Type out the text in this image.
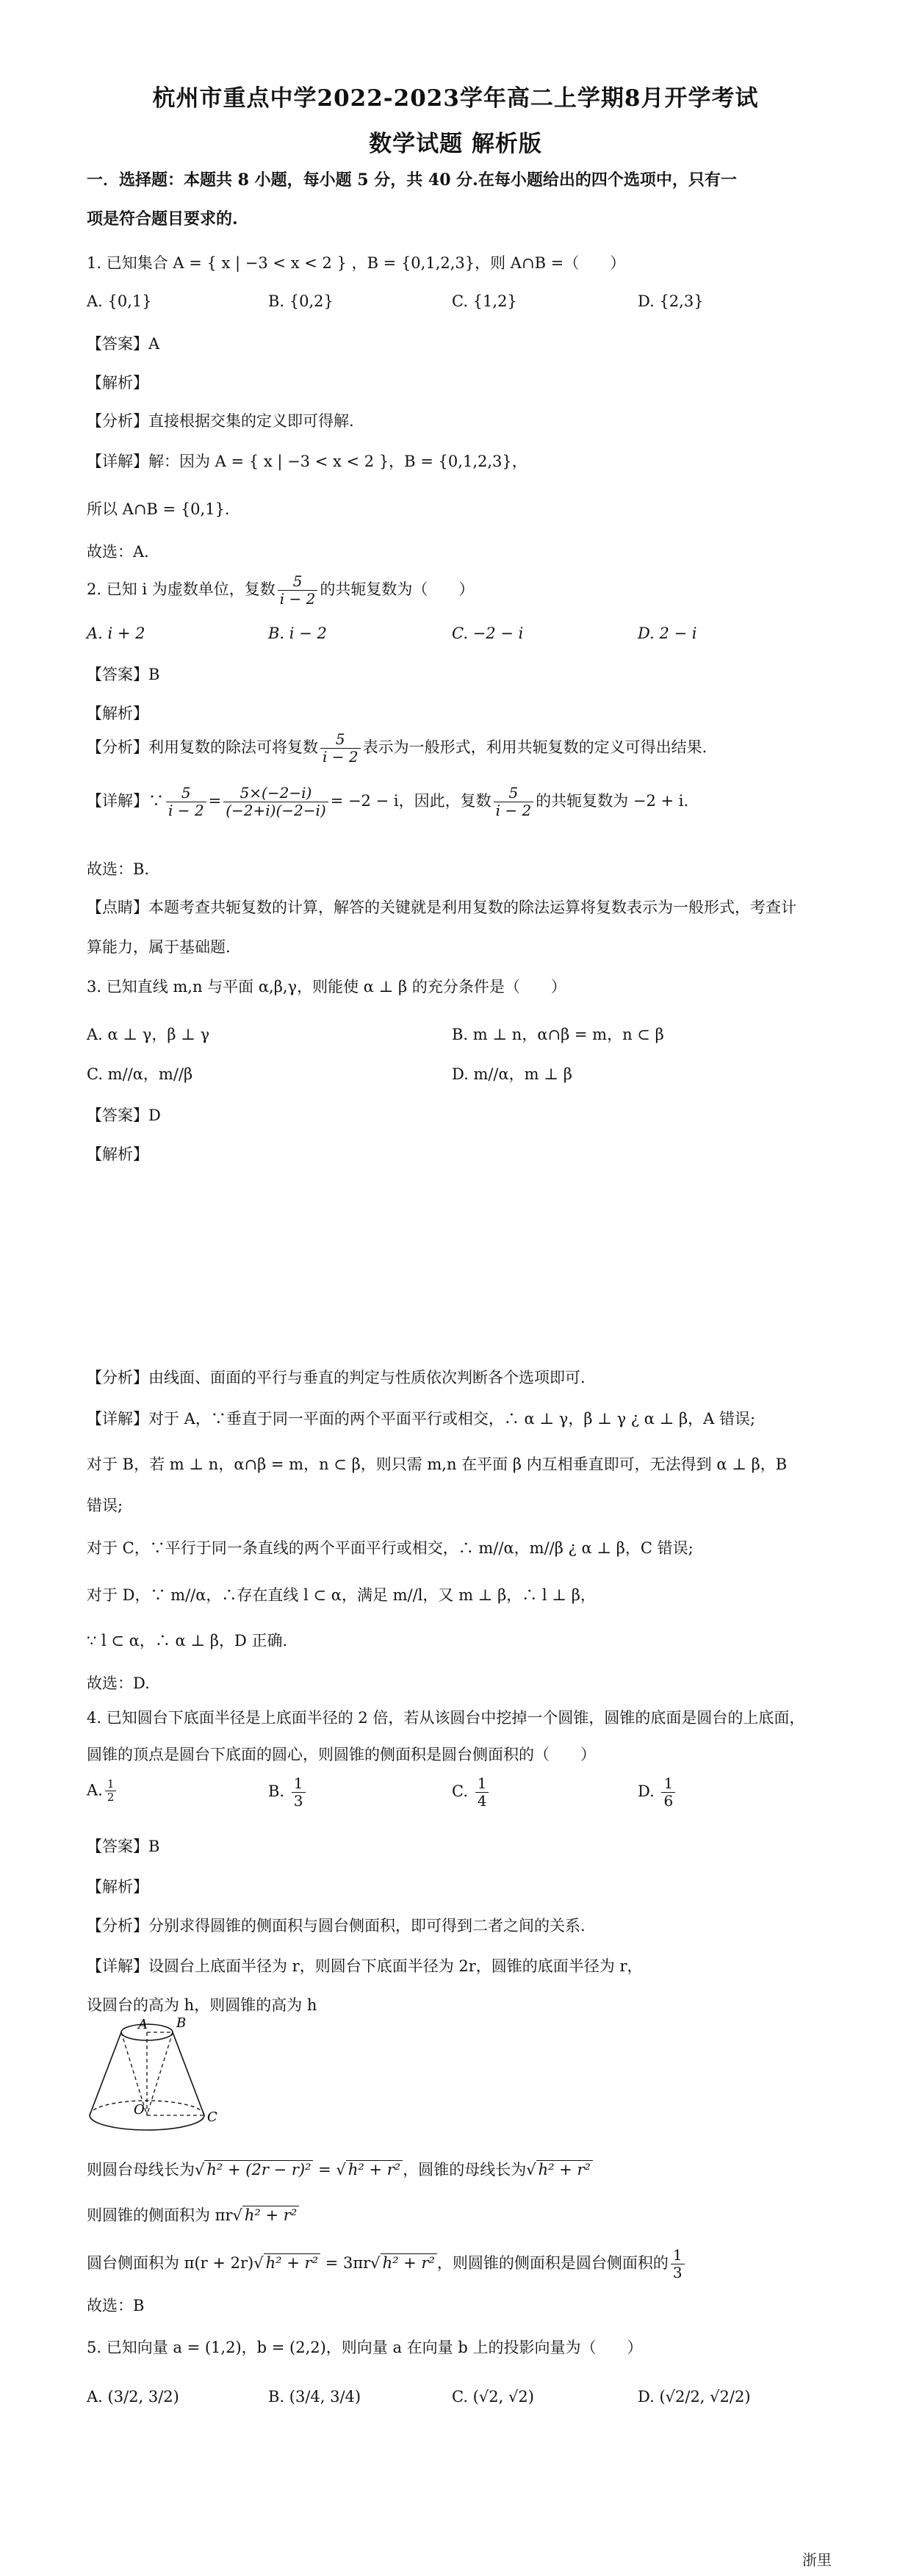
杭州市重点中学2022-2023学年高二上学期8月开学考试
数学试题 解析版
一．选择题：本题共 8 小题，每小题 5 分，共 40 分.在每小题给出的四个选项中，只有一
项是符合题目要求的.
1. 已知集合 A = { x | −3 < x < 2 } ，B = {0,1,2,3}，则 A∩B =（　　）
A. {0,1}	B. {0,2}	C. {1,2}	D. {2,3}
【答案】A
【解析】
【分析】直接根据交集的定义即可得解.
【详解】解：因为 A = { x | −3 < x < 2 }，B = {0,1,2,3}，
所以 A∩B = {0,1}.
故选：A.
2. 已知 i 为虚数单位，复数 $\frac{5}{i - 2}$ 的共轭复数为（　　）
A. i + 2	B. i − 2	C. −2 − i	D. 2 − i
【答案】B
【解析】
【分析】利用复数的除法可将复数 $\frac{5}{i - 2}$ 表示为一般形式，利用共轭复数的定义可得出结果.
【详解】∵ $\frac{5}{i - 2} = \frac{5\times(-2-i)}{(-2+i)(-2-i)} = -2 - i$，因此，复数 $\frac{5}{i - 2}$ 的共轭复数为 −2 + i.
故选：B.
【点睛】本题考查共轭复数的计算，解答的关键就是利用复数的除法运算将复数表示为一般形式，考查计
算能力，属于基础题.
3. 已知直线 m,n 与平面 α,β,γ，则能使 α ⊥ β 的充分条件是（　　）
A. α ⊥ γ，β ⊥ γ	B. m ⊥ n，α∩β = m，n ⊂ β
C. m//α，m//β	D. m//α，m ⊥ β
【答案】D
【解析】
【分析】由线面、面面的平行与垂直的判定与性质依次判断各个选项即可.
【详解】对于 A，∵垂直于同一平面的两个平面平行或相交，∴ α ⊥ γ，β ⊥ γ ¿ α ⊥ β，A 错误;
对于 B，若 m ⊥ n，α∩β = m，n ⊂ β，则只需 m,n 在平面 β 内互相垂直即可，无法得到 α ⊥ β，B
错误;
对于 C，∵平行于同一条直线的两个平面平行或相交，∴ m//α，m//β ¿ α ⊥ β，C 错误;
对于 D，∵ m//α，∴存在直线 l ⊂ α，满足 m//l，又 m ⊥ β，∴ l ⊥ β，
∵ l ⊂ α，∴ α ⊥ β，D 正确.
故选：D.
4. 已知圆台下底面半径是上底面半径的 2 倍，若从该圆台中挖掉一个圆锥，圆锥的底面是圆台的上底面，
圆锥的顶点是圆台下底面的圆心，则圆锥的侧面积是圆台侧面积的（　　）
A. $\frac{1}{2}$	B. $\frac{1}{3}$	C. $\frac{1}{4}$	D. $\frac{1}{6}$
【答案】B
【解析】
【分析】分别求得圆锥的侧面积与圆台侧面积，即可得到二者之间的关系.
【详解】设圆台上底面半径为 r，则圆台下底面半径为 2r，圆锥的底面半径为 r，
设圆台的高为 h，则圆锥的高为 h
A B
O	C
则圆台母线长为√ h² + (2r − r)² = √ h² + r² ，圆锥的母线长为√ h² + r²
则圆锥的侧面积为 πr√ h² + r²
圆台侧面积为 π(r + 2r)√ h² + r² = 3πr√ h² + r² ，则圆锥的侧面积是圆台侧面积的 $\frac{1}{3}$
故选：B
5. 已知向量 a = (1,2)，b = (2,2)，则向量 a 在向量 b 上的投影向量为（　　）
A. (3/2, 3/2)	B. (3/4, 3/4)	C. (√2, √2)	D. (√2/2, √2/2)
浙里
